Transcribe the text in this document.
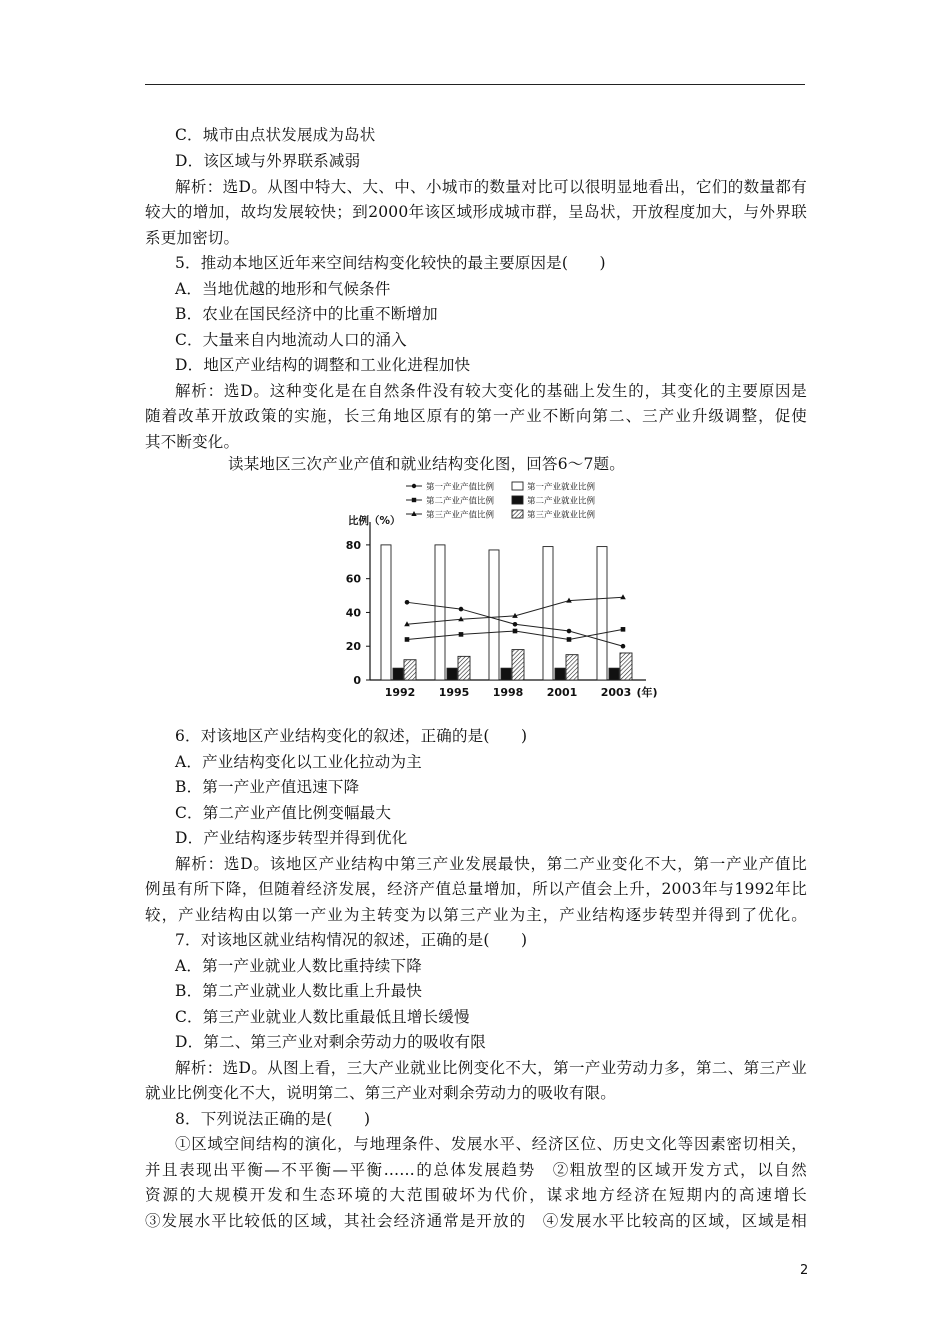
C．城市由点状发展成为岛状
D．该区域与外界联系减弱
解析：选D。从图中特大、大、中、小城市的数量对比可以很明显地看出，它们的数量都有
较大的增加，故均发展较快；到2000年该区域形成城市群，呈岛状，开放程度加大，与外界联
系更加密切。
5．推动本地区近年来空间结构变化较快的最主要原因是(　　)
A．当地优越的地形和气候条件
B．农业在国民经济中的比重不断增加
C．大量来自内地流动人口的涌入
D．地区产业结构的调整和工业化进程加快
解析：选D。这种变化是在自然条件没有较大变化的基础上发生的，其变化的主要原因是
随着改革开放政策的实施，长三角地区原有的第一产业不断向第二、三产业升级调整，促使
其不断变化。
6．对该地区产业结构变化的叙述，正确的是(　　)
A．产业结构变化以工业化拉动为主
B．第一产业产值迅速下降
C．第二产业产值比例变幅最大
D．产业结构逐步转型并得到优化
解析：选D。该地区产业结构中第三产业发展最快，第二产业变化不大，第一产业产值比
例虽有所下降，但随着经济发展，经济产值总量增加，所以产值会上升，2003年与1992年比
较，产业结构由以第一产业为主转变为以第三产业为主，产业结构逐步转型并得到了优化。
7．对该地区就业结构情况的叙述，正确的是(　　)
A．第一产业就业人数比重持续下降
B．第二产业就业人数比重上升最快
C．第三产业就业人数比重最低且增长缓慢
D．第二、第三产业对剩余劳动力的吸收有限
解析：选D。从图上看，三大产业就业比例变化不大，第一产业劳动力多，第二、第三产业
就业比例变化不大，说明第二、第三产业对剩余劳动力的吸收有限。
8．下列说法正确的是(　　)
①区域空间结构的演化，与地理条件、发展水平、经济区位、历史文化等因素密切相关，
并且表现出平衡—不平衡—平衡……的总体发展趋势　②粗放型的区域开发方式，以自然
资源的大规模开发和生态环境的大范围破坏为代价，谋求地方经济在短期内的高速增长
③发展水平比较低的区域，其社会经济通常是开放的　④发展水平比较高的区域，区域是相
读某地区三次产业产值和就业结构变化图，回答6～7题。
第一产业产值比例
第二产业产值比例
第三产业产值比例
第一产业就业比例
第二产业就业比例
第三产业就业比例
比例（%）
0
20
40
60
80
1992 1995 1998 2001 2003 (年)
2
